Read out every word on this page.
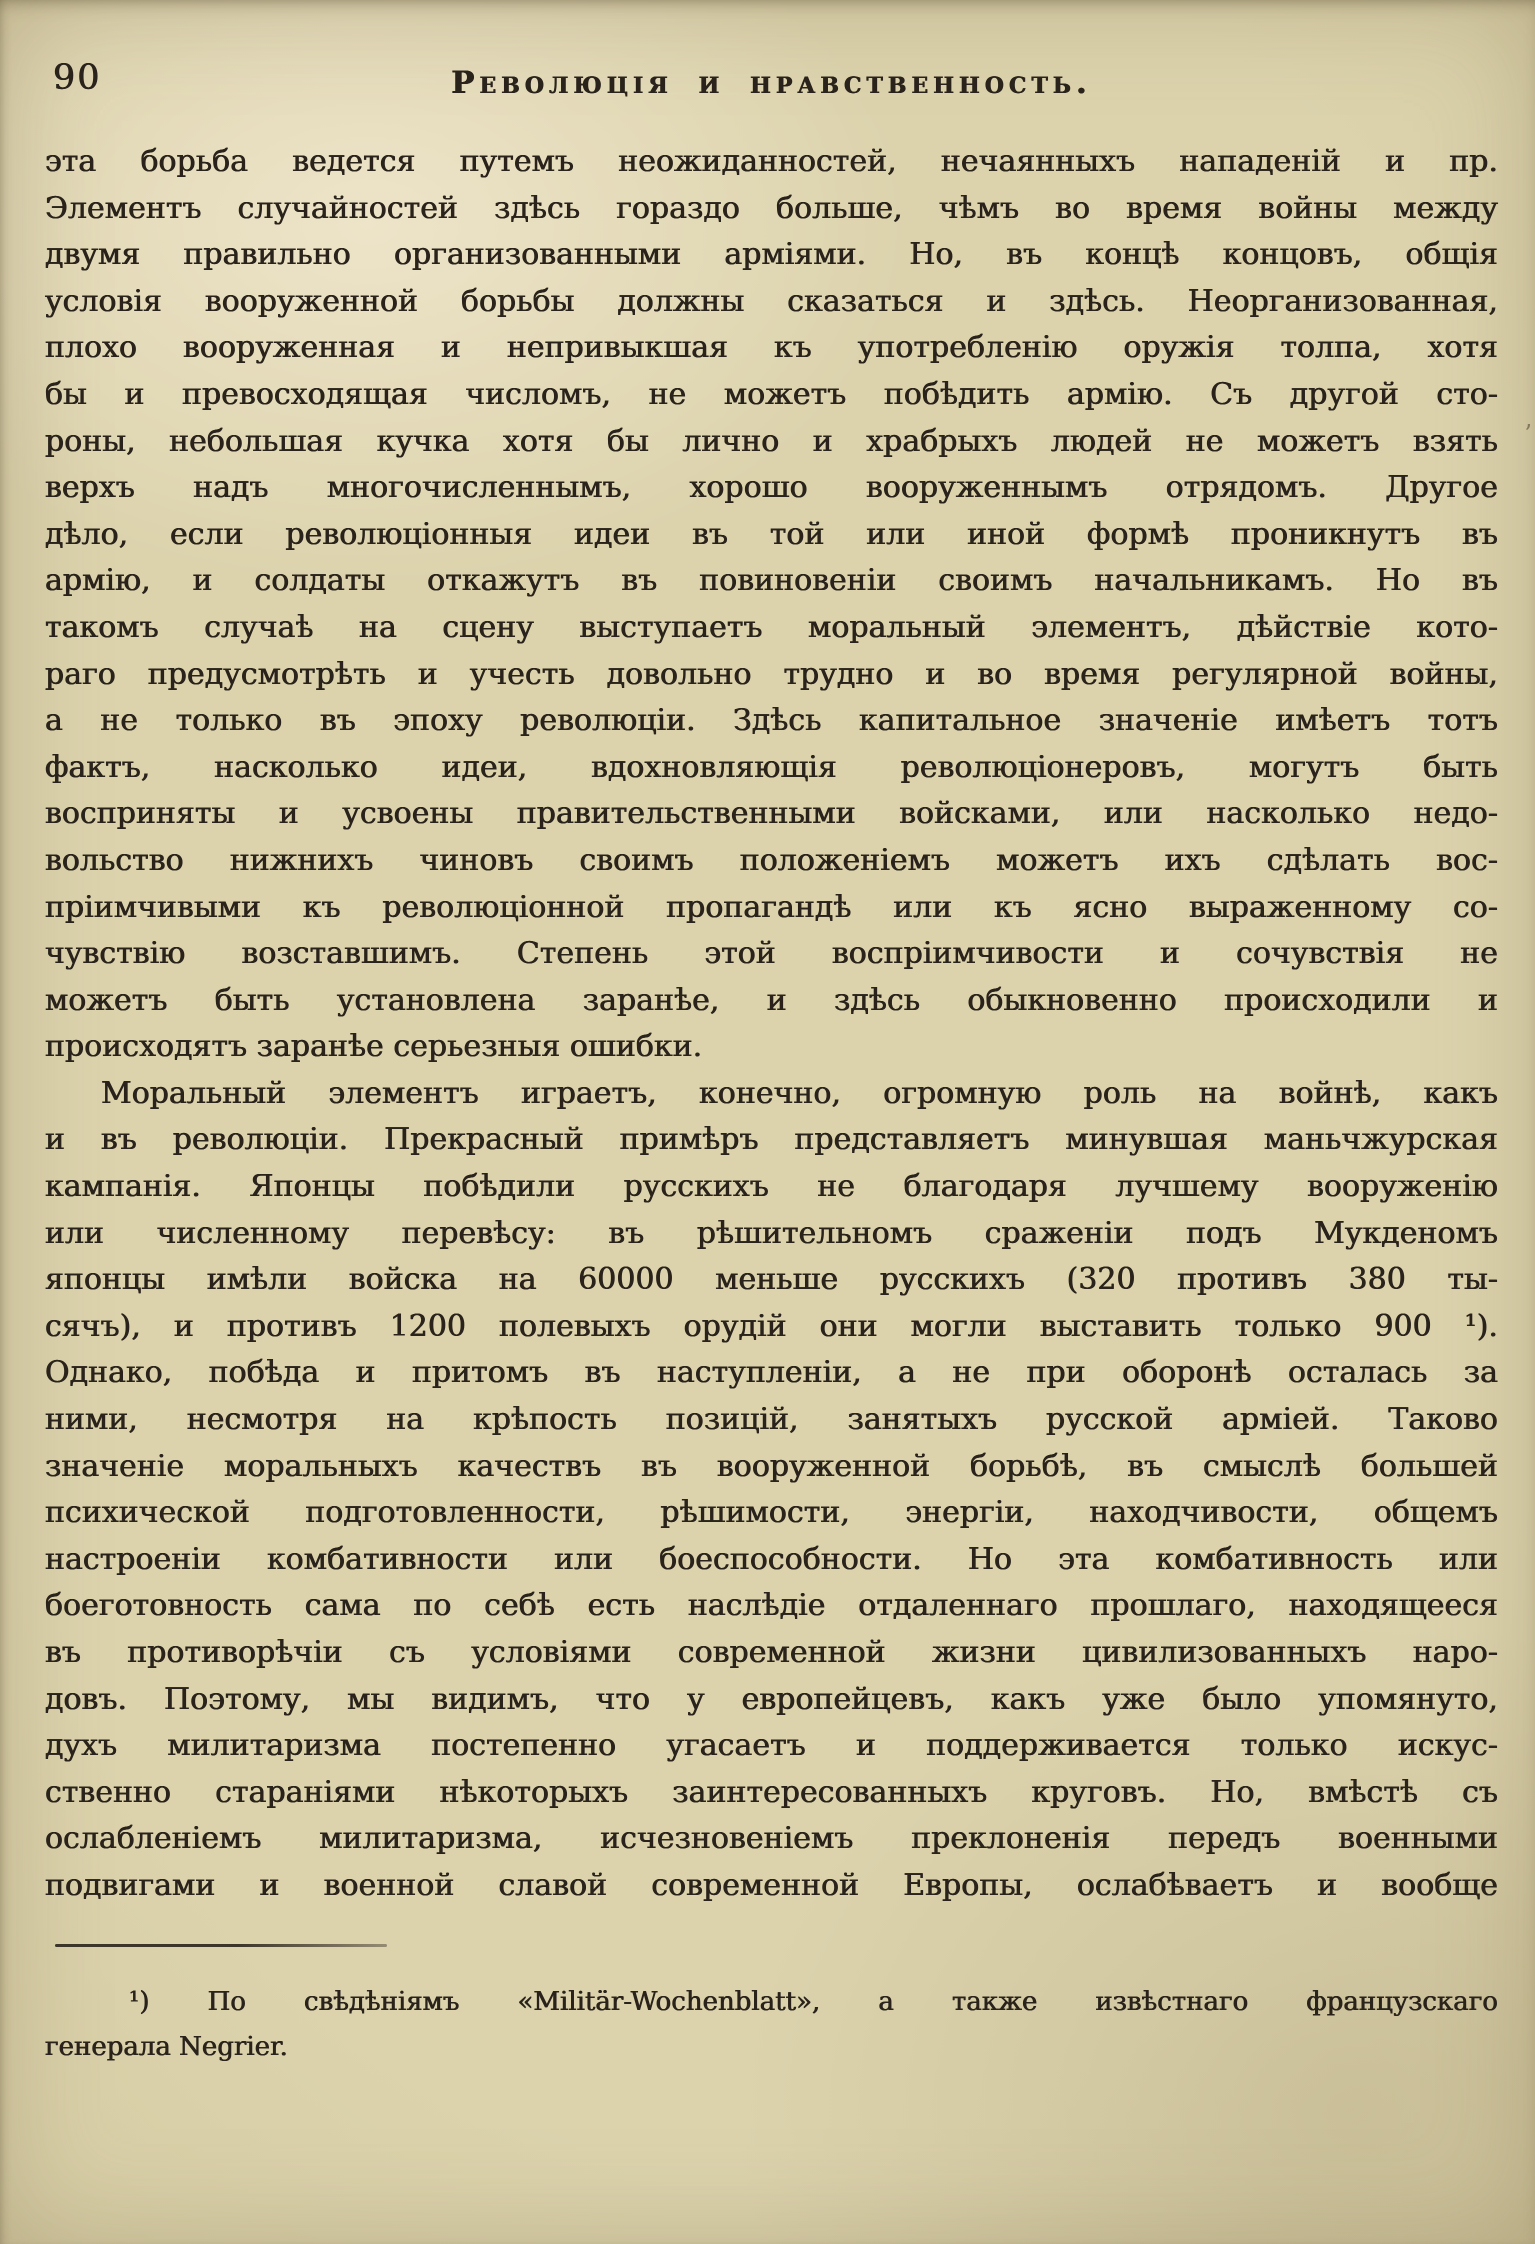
90	Революція и нравственность.
эта борьба ведется путемъ неожиданностей, нечаянныхъ нападеній и пр.
Элементъ случайностей здѣсь гораздо больше, чѣмъ во время войны между
двумя правильно организованными арміями. Но, въ концѣ концовъ, общія
условія вооруженной борьбы должны сказаться и здѣсь. Неорганизованная,
плохо вооруженная и непривыкшая къ употребленію оружія толпа, хотя
бы и превосходящая числомъ, не можетъ побѣдить армію. Съ другой сто-
роны, небольшая кучка хотя бы лично и храбрыхъ людей не можетъ взять
верхъ надъ многочисленнымъ, хорошо вооруженнымъ отрядомъ. Другое
дѣло, если революціонныя идеи въ той или иной формѣ проникнутъ въ
армію, и солдаты откажутъ въ повиновеніи своимъ начальникамъ. Но въ
такомъ случаѣ на сцену выступаетъ моральный элементъ, дѣйствіе кото-
раго предусмотрѣть и учесть довольно трудно и во время регулярной войны,
а не только въ эпоху революціи. Здѣсь капитальное значеніе имѣетъ тотъ
фактъ, насколько идеи, вдохновляющія революціонеровъ, могутъ быть
восприняты и усвоены правительственными войсками, или насколько недо-
вольство нижнихъ чиновъ своимъ положеніемъ можетъ ихъ сдѣлать вос-
пріимчивыми къ революціонной пропагандѣ или къ ясно выраженному со-
чувствію возставшимъ. Степень этой воспріимчивости и сочувствія не
можетъ быть установлена заранѣе, и здѣсь обыкновенно происходили и
происходятъ заранѣе серьезныя ошибки.
Моральный элементъ играетъ, конечно, огромную роль на войнѣ, какъ
и въ революціи. Прекрасный примѣръ представляетъ минувшая маньчжурская
кампанія. Японцы побѣдили русскихъ не благодаря лучшему вооруженію
или численному перевѣсу: въ рѣшительномъ сраженіи подъ Мукденомъ
японцы имѣли войска на 60000 меньше русскихъ (320 противъ 380 ты-
сячъ), и противъ 1200 полевыхъ орудій они могли выставить только 900 ¹).
Однако, побѣда и притомъ въ наступленіи, а не при оборонѣ осталась за
ними, несмотря на крѣпость позицій, занятыхъ русской арміей. Таково
значеніе моральныхъ качествъ въ вооруженной борьбѣ, въ смыслѣ большей
психической подготовленности, рѣшимости, энергіи, находчивости, общемъ
настроеніи комбативности или боеспособности. Но эта комбативность или
боеготовность сама по себѣ есть наслѣдіе отдаленнаго прошлаго, находящееся
въ противорѣчіи съ условіями современной жизни цивилизованныхъ наро-
довъ. Поэтому, мы видимъ, что у европейцевъ, какъ уже было упомянуто,
духъ милитаризма постепенно угасаетъ и поддерживается только искус-
ственно стараніями нѣкоторыхъ заинтересованныхъ круговъ. Но, вмѣстѣ съ
ослабленіемъ милитаризма, исчезновеніемъ преклоненія передъ военными
подвигами и военной славой современной Европы, ослабѣваетъ и вообще
¹) По свѣдѣніямъ «Militär-Wochenblatt», а также извѣстнаго французскаго
генерала Negrier.
’
